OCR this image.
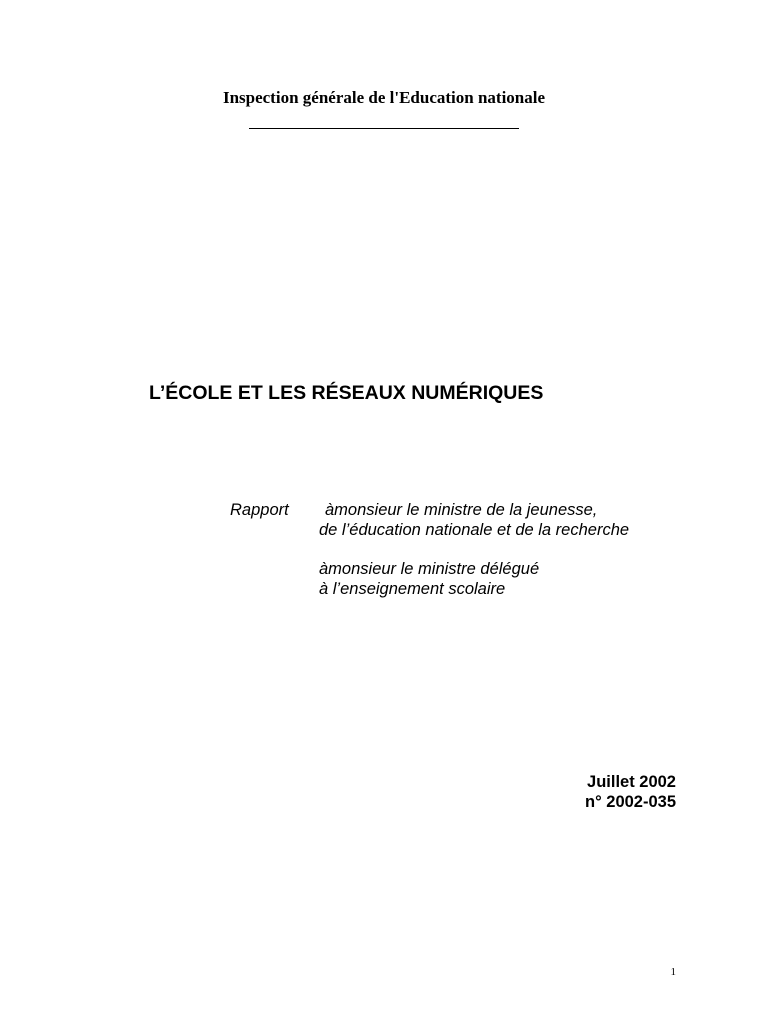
Inspection générale de l'Education nationale
L’ÉCOLE ET LES RÉSEAUX NUMÉRIQUES
Rapport	àmonsieur le ministre de la jeunesse,
de l’éducation nationale et de la recherche
àmonsieur le ministre délégué
à l’enseignement scolaire
Juillet 2002
n° 2002-035
1
